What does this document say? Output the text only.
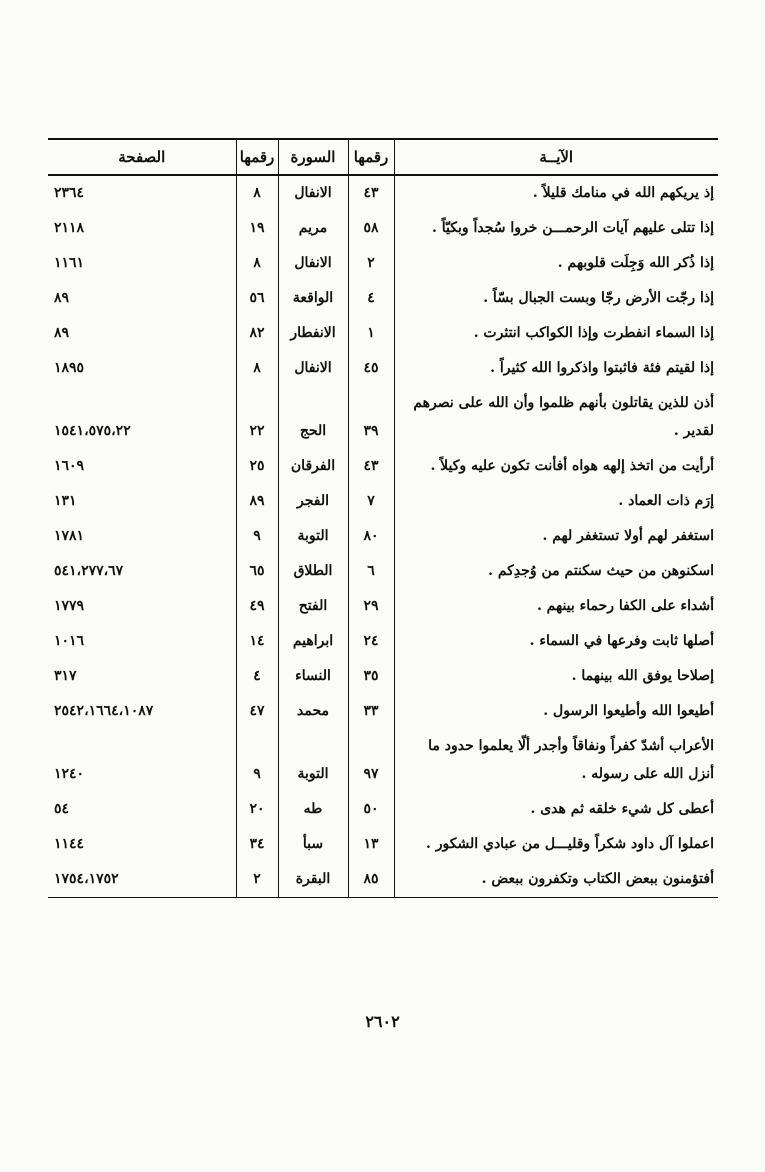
الآيــة	رقمها	السورة	رقمها	الصفحة
إذ يريكهم الله في منامك قليلاً .	٤٣	الانفال	٨	٢٣٦٤
إذا تتلى عليهم آيات الرحمـــن خروا سُجداً وبكيّاً .	٥٨	مريم	١٩	٢١١٨
إذا ذُكر الله وَجِلَت قلوبهم .	٢	الانفال	٨	١١٦١
إذا رجّت الأرض رجّا وبست الجبال بسّاً .	٤	الواقعة	٥٦	٨٩
إذا السماء انفطرت وإذا الكواكب انتثرت .	١	الانفطار	٨٢	٨٩
إذا لقيتم فئة فاثبتوا واذكروا الله كثيراً .	٤٥	الانفال	٨	١٨٩٥
أذن للذين يقاتلون بأنهم ظلموا وأن الله على نصرهم لقدير .	٣٩	الحج	٢٢	١٥٤١،٥٧٥،٢٢
أرأيت من اتخذ إلهه هواه أفأنت تكون عليه وكيلاً .	٤٣	الفرقان	٢٥	١٦٠٩
إرَم ذات العماد .	٧	الفجر	٨٩	١٣١
استغفر لهم أولا تستغفر لهم .	٨٠	التوبة	٩	١٧٨١
اسكنوهن من حيث سكنتم من وُجدِكم .	٦	الطلاق	٦٥	٥٤١،٢٧٧،٦٧
أشداء على الكفا رحماء بينهم .	٢٩	الفتح	٤٩	١٧٧٩
أصلها ثابت وفرعها في السماء .	٢٤	ابراهيم	١٤	١٠١٦
إصلاحا يوفق الله بينهما .	٣٥	النساء	٤	٣١٧
أطيعوا الله وأطيعوا الرسول .	٣٣	محمد	٤٧	٢٥٤٢،١٦٦٤،١٠٨٧
الأعراب أشدّ كفراً ونفاقاً وأجدر ألّا يعلموا حدود ما أنزل الله على رسوله .	٩٧	التوبة	٩	١٢٤٠
أعطى كل شيء خلقه ثم هدى .	٥٠	طه	٢٠	٥٤
اعملوا آل داود شكراً وقليـــل من عبادي الشكور .	١٣	سبأ	٣٤	١١٤٤
أفتؤمنون ببعض الكتاب وتكفرون ببعض .	٨٥	البقرة	٢	١٧٥٤،١٧٥٢
٢٦٠٢
